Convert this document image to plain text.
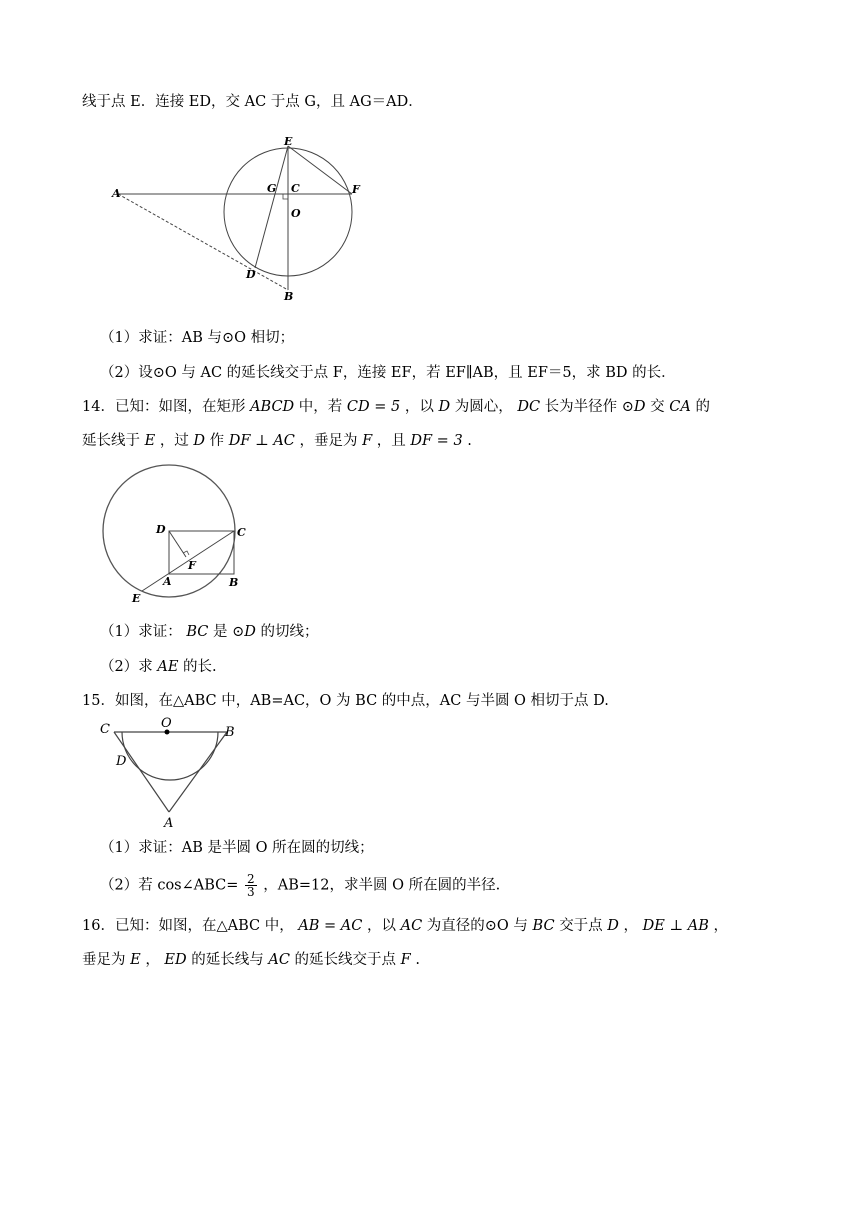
线于点 E．连接 ED，交 AC 于点 G，且 AG＝AD．
E
G C	F
A
O
D
B
（1）求证：AB 与⊙O 相切；
（2）设⊙O 与 AC 的延长线交于点 F，连接 EF，若 EF∥AB，且 EF＝5，求 BD 的长．
14．已知：如图，在矩形 ABCD 中，若 CD = 5 ，以 D 为圆心， DC 长为半径作 ⊙D 交 CA 的
延长线于 E ，过 D 作 DF ⊥ AC ，垂足为 F ，且 DF = 3 .
D	C
F
A	B
E
（1）求证： BC 是 ⊙D 的切线；
（2）求 AE 的长.
15．如图，在△ABC 中，AB=AC，O 为 BC 的中点，AC 与半圆 O 相切于点 D.
C	O
B
D
A
（1）求证：AB 是半圆 O 所在圆的切线；
（2）若 cos∠ABC= $\frac{2}{3}$ ，AB=12，求半圆 O 所在圆的半径.
16．已知：如图，在△ABC 中， AB = AC ，以 AC 为直径的⊙O 与 BC 交于点 D ， DE ⊥ AB ，
垂足为 E ， ED 的延长线与 AC 的延长线交于点 F .
